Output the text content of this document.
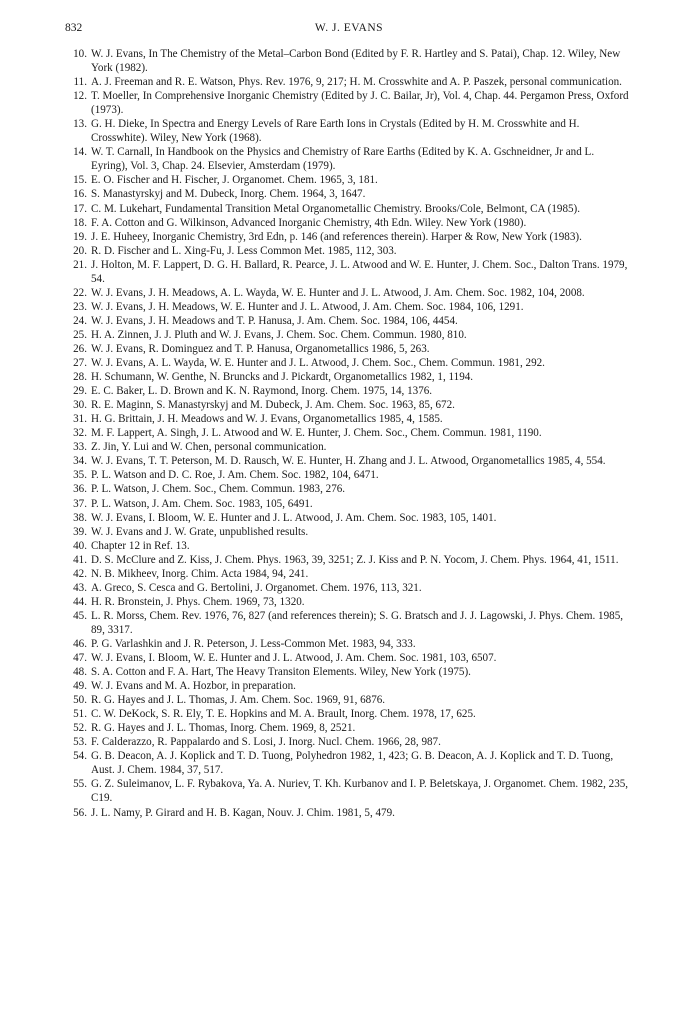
832	W. J. EVANS
10. W. J. Evans, In The Chemistry of the Metal–Carbon Bond (Edited by F. R. Hartley and S. Patai), Chap. 12. Wiley, New York (1982).
11. A. J. Freeman and R. E. Watson, Phys. Rev. 1976, 9, 217; H. M. Crosswhite and A. P. Paszek, personal communication.
12. T. Moeller, In Comprehensive Inorganic Chemistry (Edited by J. C. Bailar, Jr), Vol. 4, Chap. 44. Pergamon Press, Oxford (1973).
13. G. H. Dieke, In Spectra and Energy Levels of Rare Earth Ions in Crystals (Edited by H. M. Crosswhite and H. Crosswhite). Wiley, New York (1968).
14. W. T. Carnall, In Handbook on the Physics and Chemistry of Rare Earths (Edited by K. A. Gschneidner, Jr and L. Eyring), Vol. 3, Chap. 24. Elsevier, Amsterdam (1979).
15. E. O. Fischer and H. Fischer, J. Organomet. Chem. 1965, 3, 181.
16. S. Manastyrskyj and M. Dubeck, Inorg. Chem. 1964, 3, 1647.
17. C. M. Lukehart, Fundamental Transition Metal Organometallic Chemistry. Brooks/Cole, Belmont, CA (1985).
18. F. A. Cotton and G. Wilkinson, Advanced Inorganic Chemistry, 4th Edn. Wiley. New York (1980).
19. J. E. Huheey, Inorganic Chemistry, 3rd Edn, p. 146 (and references therein). Harper & Row, New York (1983).
20. R. D. Fischer and L. Xing-Fu, J. Less Common Met. 1985, 112, 303.
21. J. Holton, M. F. Lappert, D. G. H. Ballard, R. Pearce, J. L. Atwood and W. E. Hunter, J. Chem. Soc., Dalton Trans. 1979, 54.
22. W. J. Evans, J. H. Meadows, A. L. Wayda, W. E. Hunter and J. L. Atwood, J. Am. Chem. Soc. 1982, 104, 2008.
23. W. J. Evans, J. H. Meadows, W. E. Hunter and J. L. Atwood, J. Am. Chem. Soc. 1984, 106, 1291.
24. W. J. Evans, J. H. Meadows and T. P. Hanusa, J. Am. Chem. Soc. 1984, 106, 4454.
25. H. A. Zinnen, J. J. Pluth and W. J. Evans, J. Chem. Soc. Chem. Commun. 1980, 810.
26. W. J. Evans, R. Dominguez and T. P. Hanusa, Organometallics 1986, 5, 263.
27. W. J. Evans, A. L. Wayda, W. E. Hunter and J. L. Atwood, J. Chem. Soc., Chem. Commun. 1981, 292.
28. H. Schumann, W. Genthe, N. Bruncks and J. Pickardt, Organometallics 1982, 1, 1194.
29. E. C. Baker, L. D. Brown and K. N. Raymond, Inorg. Chem. 1975, 14, 1376.
30. R. E. Maginn, S. Manastyrskyj and M. Dubeck, J. Am. Chem. Soc. 1963, 85, 672.
31. H. G. Brittain, J. H. Meadows and W. J. Evans, Organometallics 1985, 4, 1585.
32. M. F. Lappert, A. Singh, J. L. Atwood and W. E. Hunter, J. Chem. Soc., Chem. Commun. 1981, 1190.
33. Z. Jin, Y. Lui and W. Chen, personal communication.
34. W. J. Evans, T. T. Peterson, M. D. Rausch, W. E. Hunter, H. Zhang and J. L. Atwood, Organometallics 1985, 4, 554.
35. P. L. Watson and D. C. Roe, J. Am. Chem. Soc. 1982, 104, 6471.
36. P. L. Watson, J. Chem. Soc., Chem. Commun. 1983, 276.
37. P. L. Watson, J. Am. Chem. Soc. 1983, 105, 6491.
38. W. J. Evans, I. Bloom, W. E. Hunter and J. L. Atwood, J. Am. Chem. Soc. 1983, 105, 1401.
39. W. J. Evans and J. W. Grate, unpublished results.
40. Chapter 12 in Ref. 13.
41. D. S. McClure and Z. Kiss, J. Chem. Phys. 1963, 39, 3251; Z. J. Kiss and P. N. Yocom, J. Chem. Phys. 1964, 41, 1511.
42. N. B. Mikheev, Inorg. Chim. Acta 1984, 94, 241.
43. A. Greco, S. Cesca and G. Bertolini, J. Organomet. Chem. 1976, 113, 321.
44. H. R. Bronstein, J. Phys. Chem. 1969, 73, 1320.
45. L. R. Morss, Chem. Rev. 1976, 76, 827 (and references therein); S. G. Bratsch and J. J. Lagowski, J. Phys. Chem. 1985, 89, 3317.
46. P. G. Varlashkin and J. R. Peterson, J. Less-Common Met. 1983, 94, 333.
47. W. J. Evans, I. Bloom, W. E. Hunter and J. L. Atwood, J. Am. Chem. Soc. 1981, 103, 6507.
48. S. A. Cotton and F. A. Hart, The Heavy Transiton Elements. Wiley, New York (1975).
49. W. J. Evans and M. A. Hozbor, in preparation.
50. R. G. Hayes and J. L. Thomas, J. Am. Chem. Soc. 1969, 91, 6876.
51. C. W. DeKock, S. R. Ely, T. E. Hopkins and M. A. Brault, Inorg. Chem. 1978, 17, 625.
52. R. G. Hayes and J. L. Thomas, Inorg. Chem. 1969, 8, 2521.
53. F. Calderazzo, R. Pappalardo and S. Losi, J. Inorg. Nucl. Chem. 1966, 28, 987.
54. G. B. Deacon, A. J. Koplick and T. D. Tuong, Polyhedron 1982, 1, 423; G. B. Deacon, A. J. Koplick and T. D. Tuong, Aust. J. Chem. 1984, 37, 517.
55. G. Z. Suleimanov, L. F. Rybakova, Ya. A. Nuriev, T. Kh. Kurbanov and I. P. Beletskaya, J. Organomet. Chem. 1982, 235, C19.
56. J. L. Namy, P. Girard and H. B. Kagan, Nouv. J. Chim. 1981, 5, 479.
